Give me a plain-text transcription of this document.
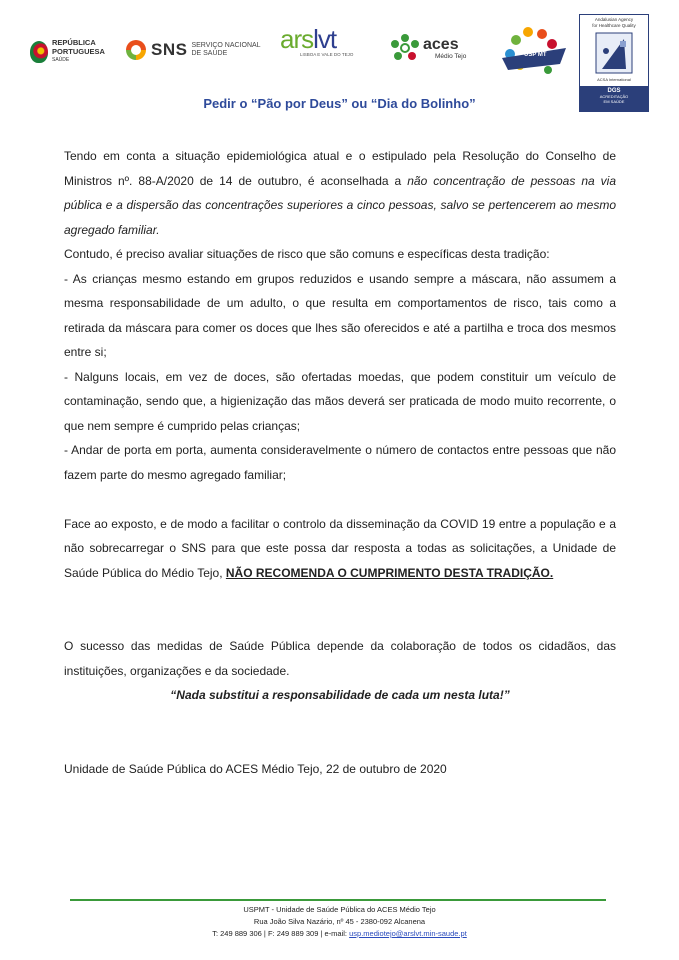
REPÚBLICA
PORTUGUESA
SAÚDE
SNS SERVIÇO NACIONAL
DE SAÚDE	arslvt
LISBOA E VALE DO TEJO
aces
Médio Tejo	USP MT
Andalusian Agency
for Healthcare Quality
ACSA International
DGS
ACREDITAÇÃO
EM SAÚDE
Pedir o “Pão por Deus” ou “Dia do Bolinho”

Tendo em conta a situação epidemiológica atual e o estipulado pela Resolução do Conselho de Ministros nº. 88-A/2020 de 14 de outubro, é aconselhada a não concentração de pessoas na via pública e a dispersão das concentrações superiores a cinco pessoas, salvo se pertencerem ao mesmo agregado familiar.

Contudo, é preciso avaliar situações de risco que são comuns e específicas desta tradição:

- As crianças mesmo estando em grupos reduzidos e usando sempre a máscara, não assumem a mesma responsabilidade de um adulto, o que resulta em comportamentos de risco, tais como a retirada da máscara para comer os doces que lhes são oferecidos e até a partilha e troca dos mesmos entre si;

- Nalguns locais, em vez de doces, são ofertadas moedas, que podem constituir um veículo de contaminação, sendo que, a higienização das mãos deverá ser praticada de modo muito recorrente, o que nem sempre é cumprido pelas crianças;

- Andar de porta em porta, aumenta consideravelmente o número de contactos entre pessoas que não fazem parte do mesmo agregado familiar;

Face ao exposto, e de modo a facilitar o controlo da disseminação da COVID 19 entre a população e a não sobrecarregar o SNS para que este possa dar resposta a todas as solicitações, a Unidade de Saúde Pública do Médio Tejo, NÃO RECOMENDA O CUMPRIMENTO DESTA TRADIÇÃO.

O sucesso das medidas de Saúde Pública depende da colaboração de todos os cidadãos, das instituições, organizações e da sociedade.

“Nada substitui a responsabilidade de cada um nesta luta!”

Unidade de Saúde Pública do ACES Médio Tejo, 22 de outubro de 2020

USPMT - Unidade de Saúde Pública do ACES Médio Tejo
Rua João Silva Nazário, nº 45 - 2380-092 Alcanena
T: 249 889 306 | F: 249 889 309 | e-mail: usp.mediotejo@arslvt.min-saude.pt
